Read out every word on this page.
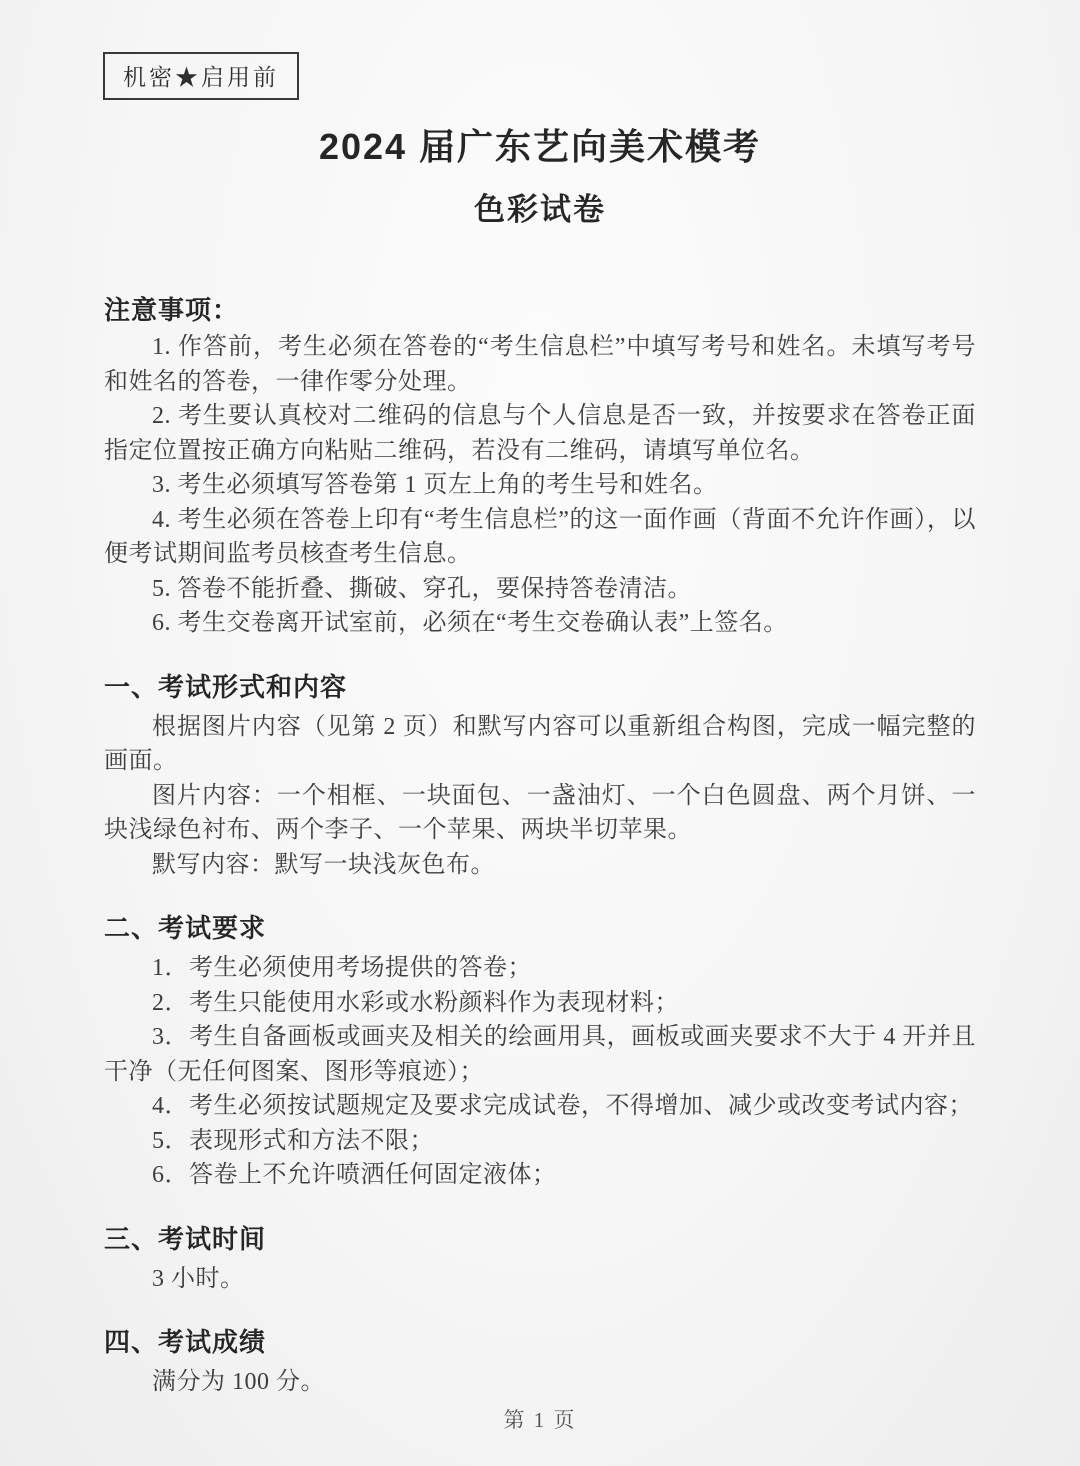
机密★启用前
2024 届广东艺向美术模考
色彩试卷
注意事项：

1. 作答前，考生必须在答卷的“考生信息栏”中填写考号和姓名。未填写考号和姓名的答卷，一律作零分处理。

2. 考生要认真校对二维码的信息与个人信息是否一致，并按要求在答卷正面指定位置按正确方向粘贴二维码，若没有二维码，请填写单位名。

3. 考生必须填写答卷第 1 页左上角的考生号和姓名。

4. 考生必须在答卷上印有“考生信息栏”的这一面作画（背面不允许作画），以便考试期间监考员核查考生信息。

5. 答卷不能折叠、撕破、穿孔，要保持答卷清洁。

6. 考生交卷离开试室前，必须在“考生交卷确认表”上签名。

一、考试形式和内容

根据图片内容（见第 2 页）和默写内容可以重新组合构图，完成一幅完整的画面。

图片内容：一个相框、一块面包、一盏油灯、一个白色圆盘、两个月饼、一块浅绿色衬布、两个李子、一个苹果、两块半切苹果。

默写内容：默写一块浅灰色布。

二、考试要求

1．考生必须使用考场提供的答卷；

2．考生只能使用水彩或水粉颜料作为表现材料；

3．考生自备画板或画夹及相关的绘画用具，画板或画夹要求不大于 4 开并且干净（无任何图案、图形等痕迹）；

4．考生必须按试题规定及要求完成试卷，不得增加、减少或改变考试内容；

5．表现形式和方法不限；

6．答卷上不允许喷洒任何固定液体；

三、考试时间

3 小时。

四、考试成绩

满分为 100 分。

第 1 页
